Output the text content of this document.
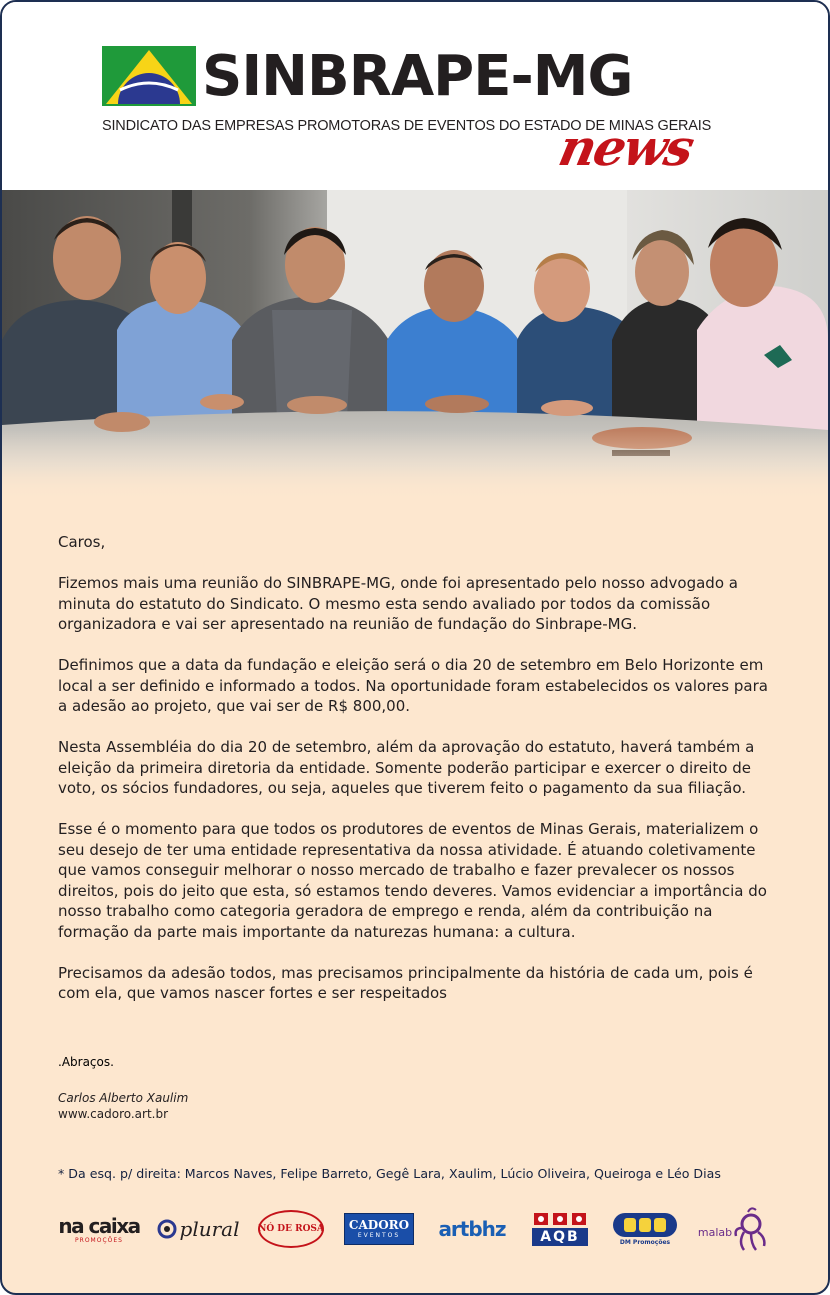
SINBRAPE-MG
SINDICATO DAS EMPRESAS PROMOTORAS DE EVENTOS DO ESTADO DE MINAS GERAIS
news

Caros,

Fizemos mais uma reunião do SINBRAPE-MG, onde foi apresentado pelo nosso advogado a minuta do estatuto do Sindicato. O mesmo esta sendo avaliado por todos da comissão organizadora e vai ser apresentado na reunião de fundação do Sinbrape-MG.

Definimos que a data da fundação e eleição será o dia 20 de setembro em Belo Horizonte em local a ser definido e informado a todos. Na oportunidade foram estabelecidos os valores para a adesão ao projeto, que vai ser de R$ 800,00.

Nesta Assembléia do dia 20 de setembro, além da aprovação do estatuto, haverá também a eleição da primeira diretoria da entidade. Somente poderão participar e exercer o direito de voto, os sócios fundadores, ou seja, aqueles que tiverem feito o pagamento da sua filiação.

Esse é o momento para que todos os produtores de eventos de Minas Gerais, materializem o seu desejo de ter uma entidade representativa da nossa atividade. É atuando coletivamente que vamos conseguir melhorar o nosso mercado de trabalho e fazer prevalecer os nossos direitos, pois do jeito que esta, só estamos tendo deveres. Vamos evidenciar a importância do nosso trabalho como categoria geradora de emprego e renda, além da contribuição na formação da parte mais importante da naturezas humana: a cultura.

Precisamos da adesão todos, mas precisamos principalmente da história de cada um, pois é com ela, que vamos nascer fortes e ser respeitados

.Abraços.
Carlos Alberto Xaulim
www.cadoro.art.br
* Da esq. p/ direita: Marcos Naves, Felipe Barreto, Gegê Lara, Xaulim, Lúcio Oliveira, Queiroga e Léo Dias
na caixa
PROMOÇÕES	plural NÓ DE ROSA CADORO
EVENTOS artbhz AQB	DM Promoções
malab
